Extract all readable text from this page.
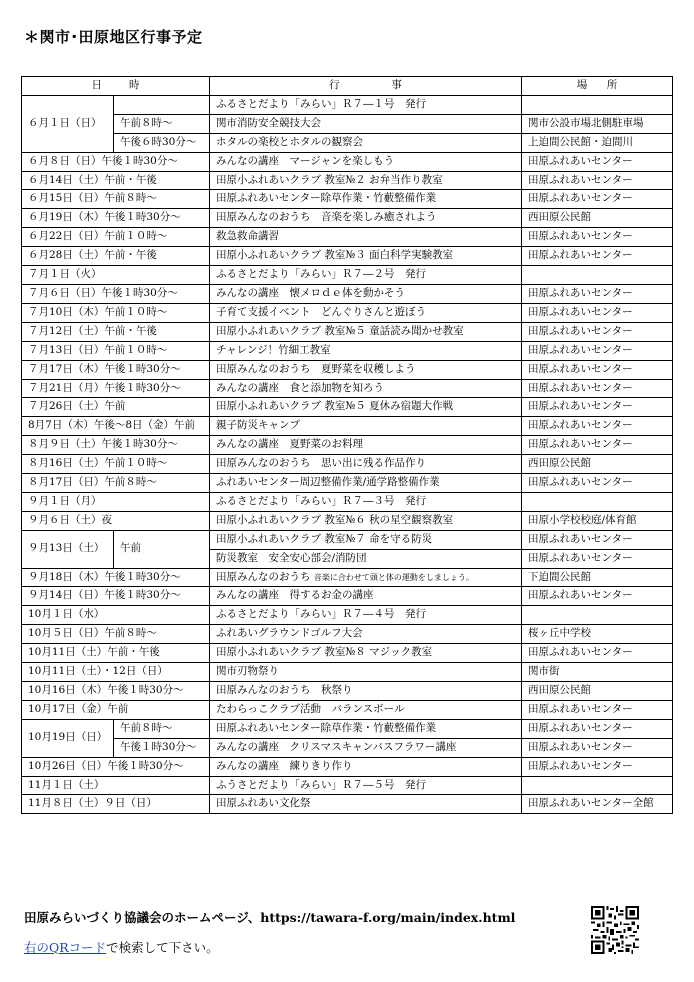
＊関市･田原地区行事予定
日 時		行 事	場 所

６月１日（日）		ふるさとだより「みらい」Ｒ７―１号　発行	
	午前８時～	関市消防安全競技大会	関市公設市場北側駐車場
	午後６時30分～	ホタルの楽校とホタルの観察会	上迫間公民館・迫間川
６月８日（日）午後１時30分～		みんなの講座　マージャンを楽しもう	田原ふれあいセンター
６月14日（土）午前・午後		田原小ふれあいクラブ 教室№２ お弁当作り教室	田原ふれあいセンター
６月15日（日）午前８時～		田原ふれあいセンター除草作業・竹藪整備作業	田原ふれあいセンター
６月19日（木）午後１時30分～		田原みんなのおうち　音楽を楽しみ癒されよう	西田原公民館
６月22日（日）午前１０時～		救急救命講習	田原ふれあいセンター
６月28日（土）午前・午後		田原小ふれあいクラブ 教室№３ 面白科学実験教室	田原ふれあいセンター
７月１日（火）		ふるさとだより「みらい」Ｒ７―２号　発行	
７月６日（日）午後１時30分～		みんなの講座　懐メロｄｅ体を動かそう	田原ふれあいセンター
７月10日（木）午前１０時～		子育て支援イベント　どんぐりさんと遊ぼう	田原ふれあいセンター
７月12日（土）午前・午後		田原小ふれあいクラブ 教室№５ 童話読み聞かせ教室	田原ふれあいセンター
７月13日（日）午前１０時～		チャレンジ！竹細工教室	田原ふれあいセンター
７月17日（木）午後１時30分～		田原みんなのおうち　夏野菜を収穫しよう	田原ふれあいセンター
７月21日（月）午後１時30分～		みんなの講座　食と添加物を知ろう	田原ふれあいセンター
７月26日（土）午前		田原小ふれあいクラブ 教室№５ 夏休み宿題大作戦	田原ふれあいセンター
8月7日（木）午後～8日（金）午前		親子防災キャンプ	田原ふれあいセンター
８月９日（土）午後１時30分～		みんなの講座　夏野菜のお料理	田原ふれあいセンター
８月16日（土）午前１０時～		田原みんなのおうち　思い出に残る作品作り	西田原公民館
８月17日（日）午前８時～		ふれあいセンター周辺整備作業/通学路整備作業	田原ふれあいセンター
９月１日（月）		ふるさとだより「みらい」Ｒ７―３号　発行	
９月６日（土）夜		田原小ふれあいクラブ 教室№６ 秋の星空観察教室	田原小学校校庭/体育館
９月13日（土）	午前	田原小ふれあいクラブ 教室№７ 命を守る防災	田原ふれあいセンター
		防災教室　安全安心部会/消防団	田原ふれあいセンター
９月18日（木）午後１時30分～		田原みんなのおうち 音楽に合わせて頭と体の運動をしましょう。	下迫間公民館
９月14日（日）午後１時30分～		みんなの講座　得するお金の講座	田原ふれあいセンター
10月１日（水）		ふるさとだより「みらい」Ｒ７―４号　発行	
10月５日（日）午前８時～		ふれあいグラウンドゴルフ大会	桜ヶ丘中学校
10月11日（土）午前・午後		田原小ふれあいクラブ 教室№８ マジック教室	田原ふれあいセンター
10月11日（土）・12日（日）		関市刃物祭り	関市街
10月16日（木）午後１時30分～		田原みんなのおうち　秋祭り	西田原公民館
10月17日（金）午前		たわらっこクラブ活動　バランスボール	田原ふれあいセンター
10月19日（日）	午前８時～	田原ふれあいセンター除草作業・竹藪整備作業	田原ふれあいセンター
	午後１時30分～	みんなの講座　クリスマスキャンバスフラワー講座	田原ふれあいセンター
10月26日（日）午後１時30分～		みんなの講座　練りきり作り	田原ふれあいセンター
11月１日（土）		ふうさとだより「みらい」Ｒ７―５号　発行	
11月８日（土）９日（日）		田原ふれあい文化祭	田原ふれあいセンター全館
田原みらいづくり協議会のホームページ、https://tawara-f.org/main/index.html
右のQRコードで検索して下さい。
